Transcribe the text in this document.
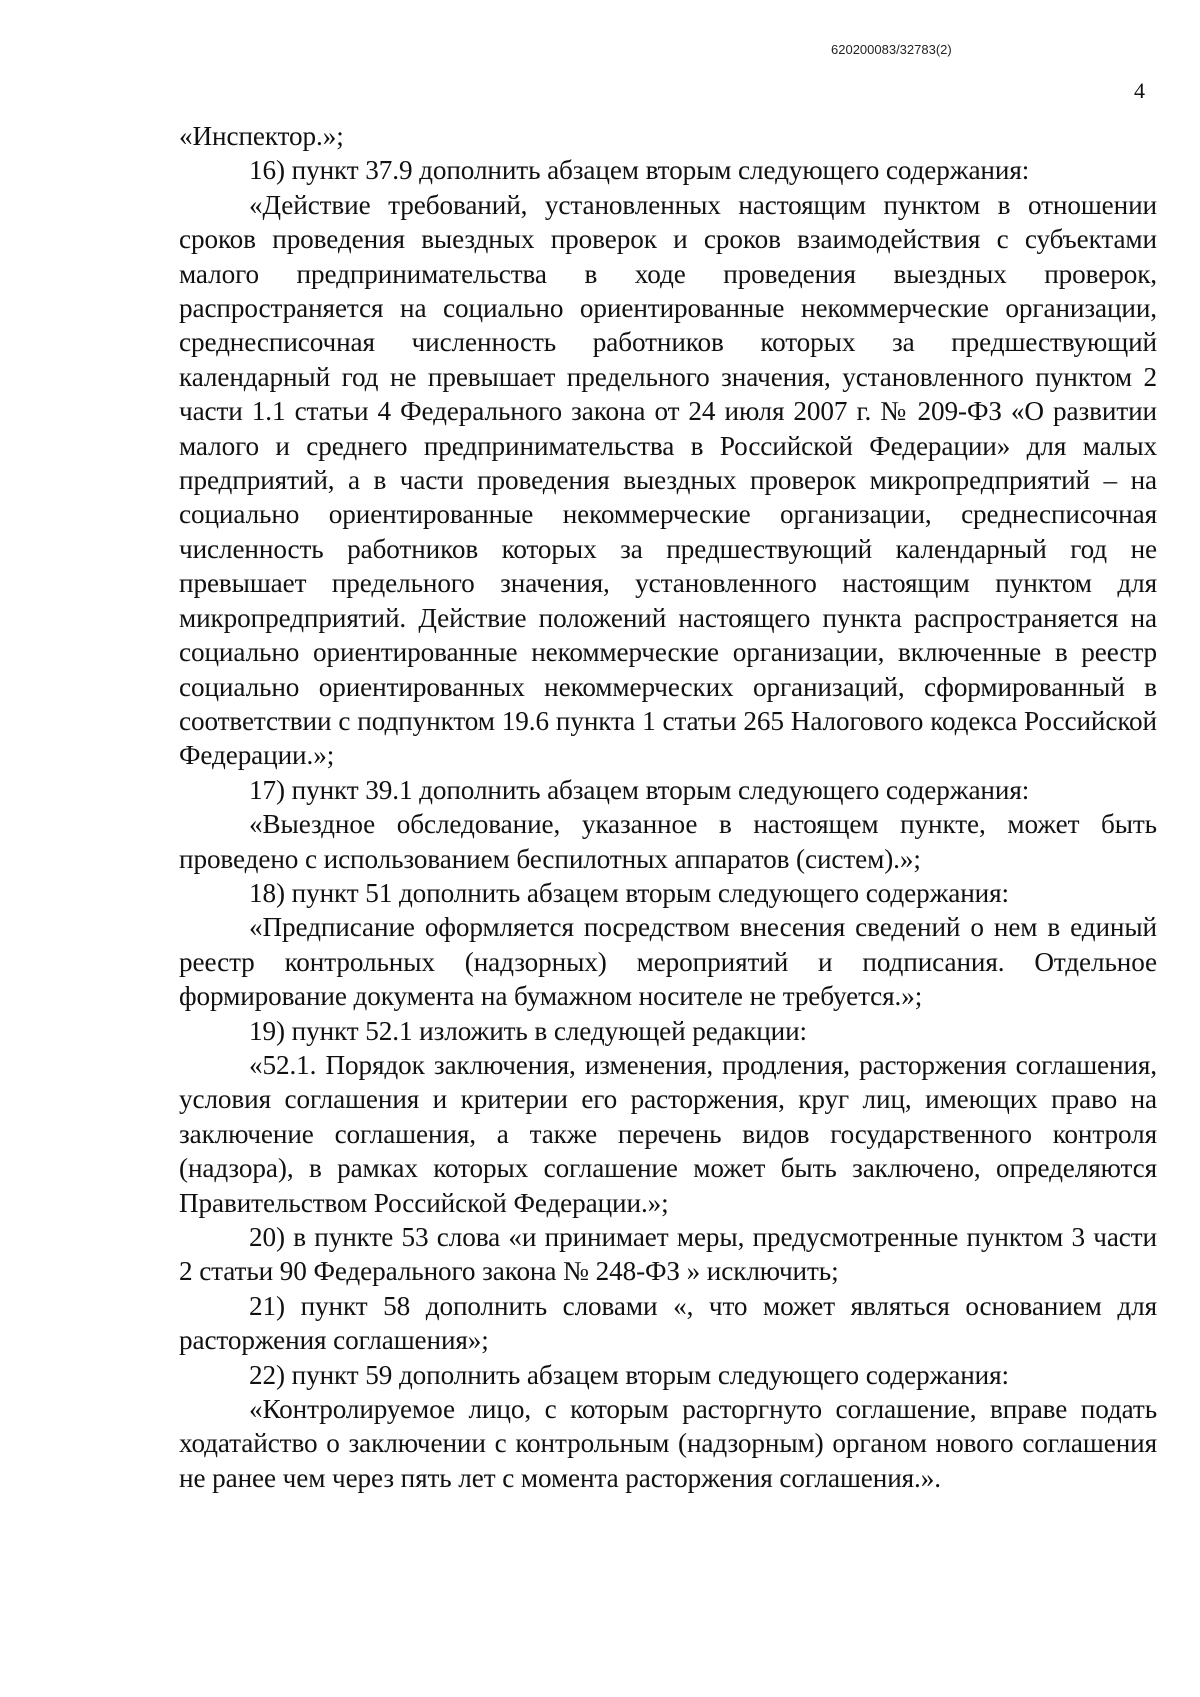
620200083/32783(2)
4

«Инспектор.»;

16) пункт 37.9 дополнить абзацем вторым следующего содержания:

«Действие требований, установленных настоящим пунктом в отношении сроков проведения выездных проверок и сроков взаимодействия с субъектами малого предпринимательства в ходе проведения выездных проверок, распространяется на социально ориентированные некоммерческие организации, среднесписочная численность работников которых за предшествующий календарный год не превышает предельного значения, установленного пунктом 2 части 1.1 статьи 4 Федерального закона от 24 июля 2007 г. № 209-ФЗ «О развитии малого и среднего предпринимательства в Российской Федерации» для малых предприятий, а в части проведения выездных проверок микропредприятий – на социально ориентированные некоммерческие организации, среднесписочная численность работников которых за предшествующий календарный год не превышает предельного значения, установленного настоящим пунктом для микропредприятий. Действие положений настоящего пункта распространяется на социально ориентированные некоммерческие организации, включенные в реестр социально ориентированных некоммерческих организаций, сформированный в соответствии с подпунктом 19.6 пункта 1 статьи 265 Налогового кодекса Российской Федерации.»;

17) пункт 39.1 дополнить абзацем вторым следующего содержания:

«Выездное обследование, указанное в настоящем пункте, может быть проведено с использованием беспилотных аппаратов (систем).»;

18) пункт 51 дополнить абзацем вторым следующего содержания:

«Предписание оформляется посредством внесения сведений о нем в единый реестр контрольных (надзорных) мероприятий и подписания. Отдельное формирование документа на бумажном носителе не требуется.»;

19) пункт 52.1 изложить в следующей редакции:

«52.1. Порядок заключения, изменения, продления, расторжения соглашения, условия соглашения и критерии его расторжения, круг лиц, имеющих право на заключение соглашения, а также перечень видов государственного контроля (надзора), в рамках которых соглашение может быть заключено, определяются Правительством Российской Федерации.»;

20) в пункте 53 слова «и принимает меры, предусмотренные пунктом 3 части 2 статьи 90 Федерального закона № 248-ФЗ » исключить;

21) пункт 58 дополнить словами «, что может являться основанием для расторжения соглашения»;

22) пункт 59 дополнить абзацем вторым следующего содержания:

«Контролируемое лицо, с которым расторгнуто соглашение, вправе подать ходатайство о заключении с контрольным (надзорным) органом нового соглашения не ранее чем через пять лет с момента расторжения соглашения.».
